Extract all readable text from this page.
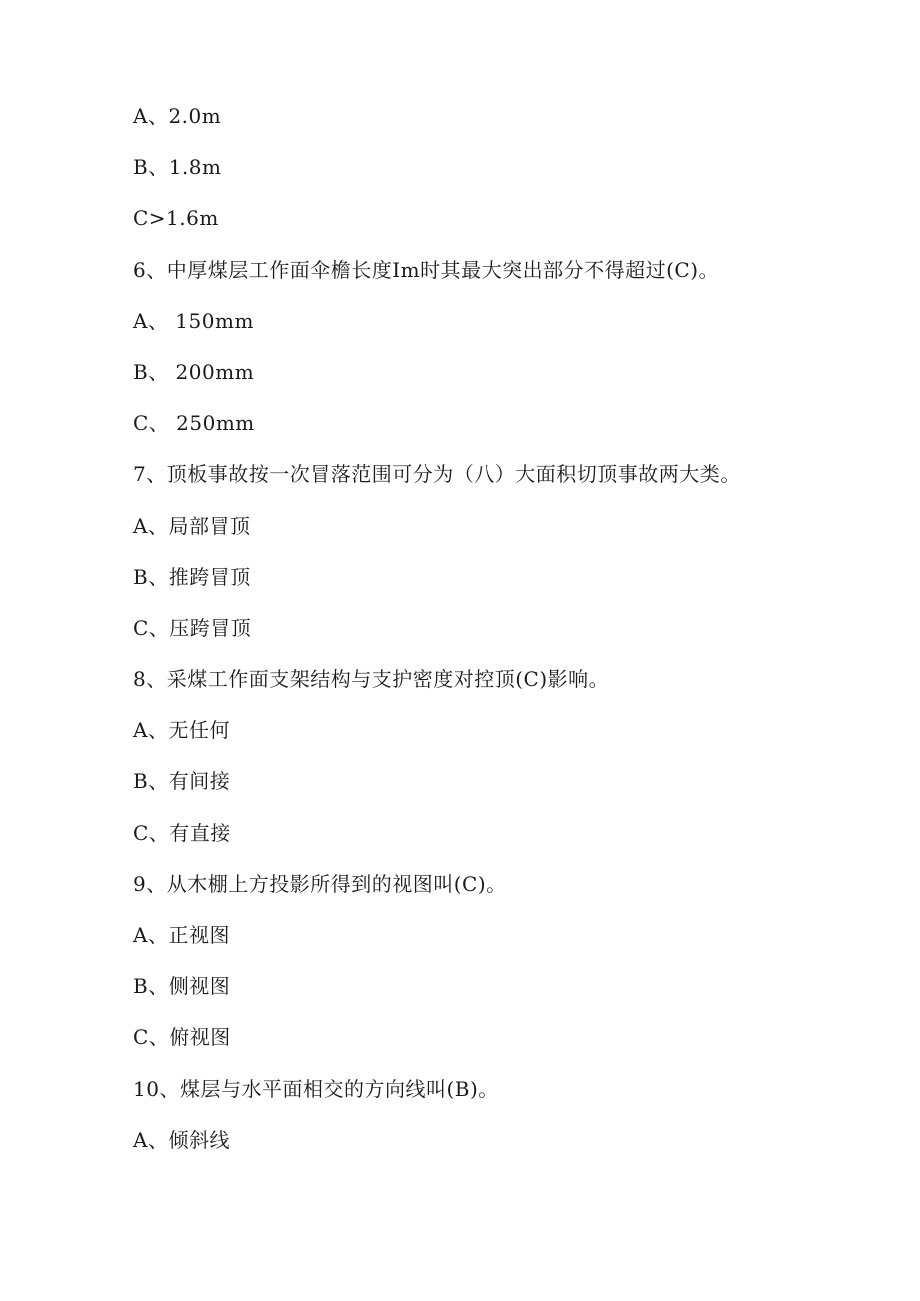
A、2.0m
B、1.8m
C>1.6m
6、中厚煤层工作面伞檐长度Im时其最大突出部分不得超过(C)。
A、 150mm
B、 200mm
C、 250mm
7、顶板事故按一次冒落范围可分为（八）大面积切顶事故两大类。
A、局部冒顶
B、推跨冒顶
C、压跨冒顶
8、采煤工作面支架结构与支护密度对控顶(C)影响。
A、无任何
B、有间接
C、有直接
9、从木棚上方投影所得到的视图叫(C)。
A、正视图
B、侧视图
C、俯视图
10、煤层与水平面相交的方向线叫(B)。
A、倾斜线
